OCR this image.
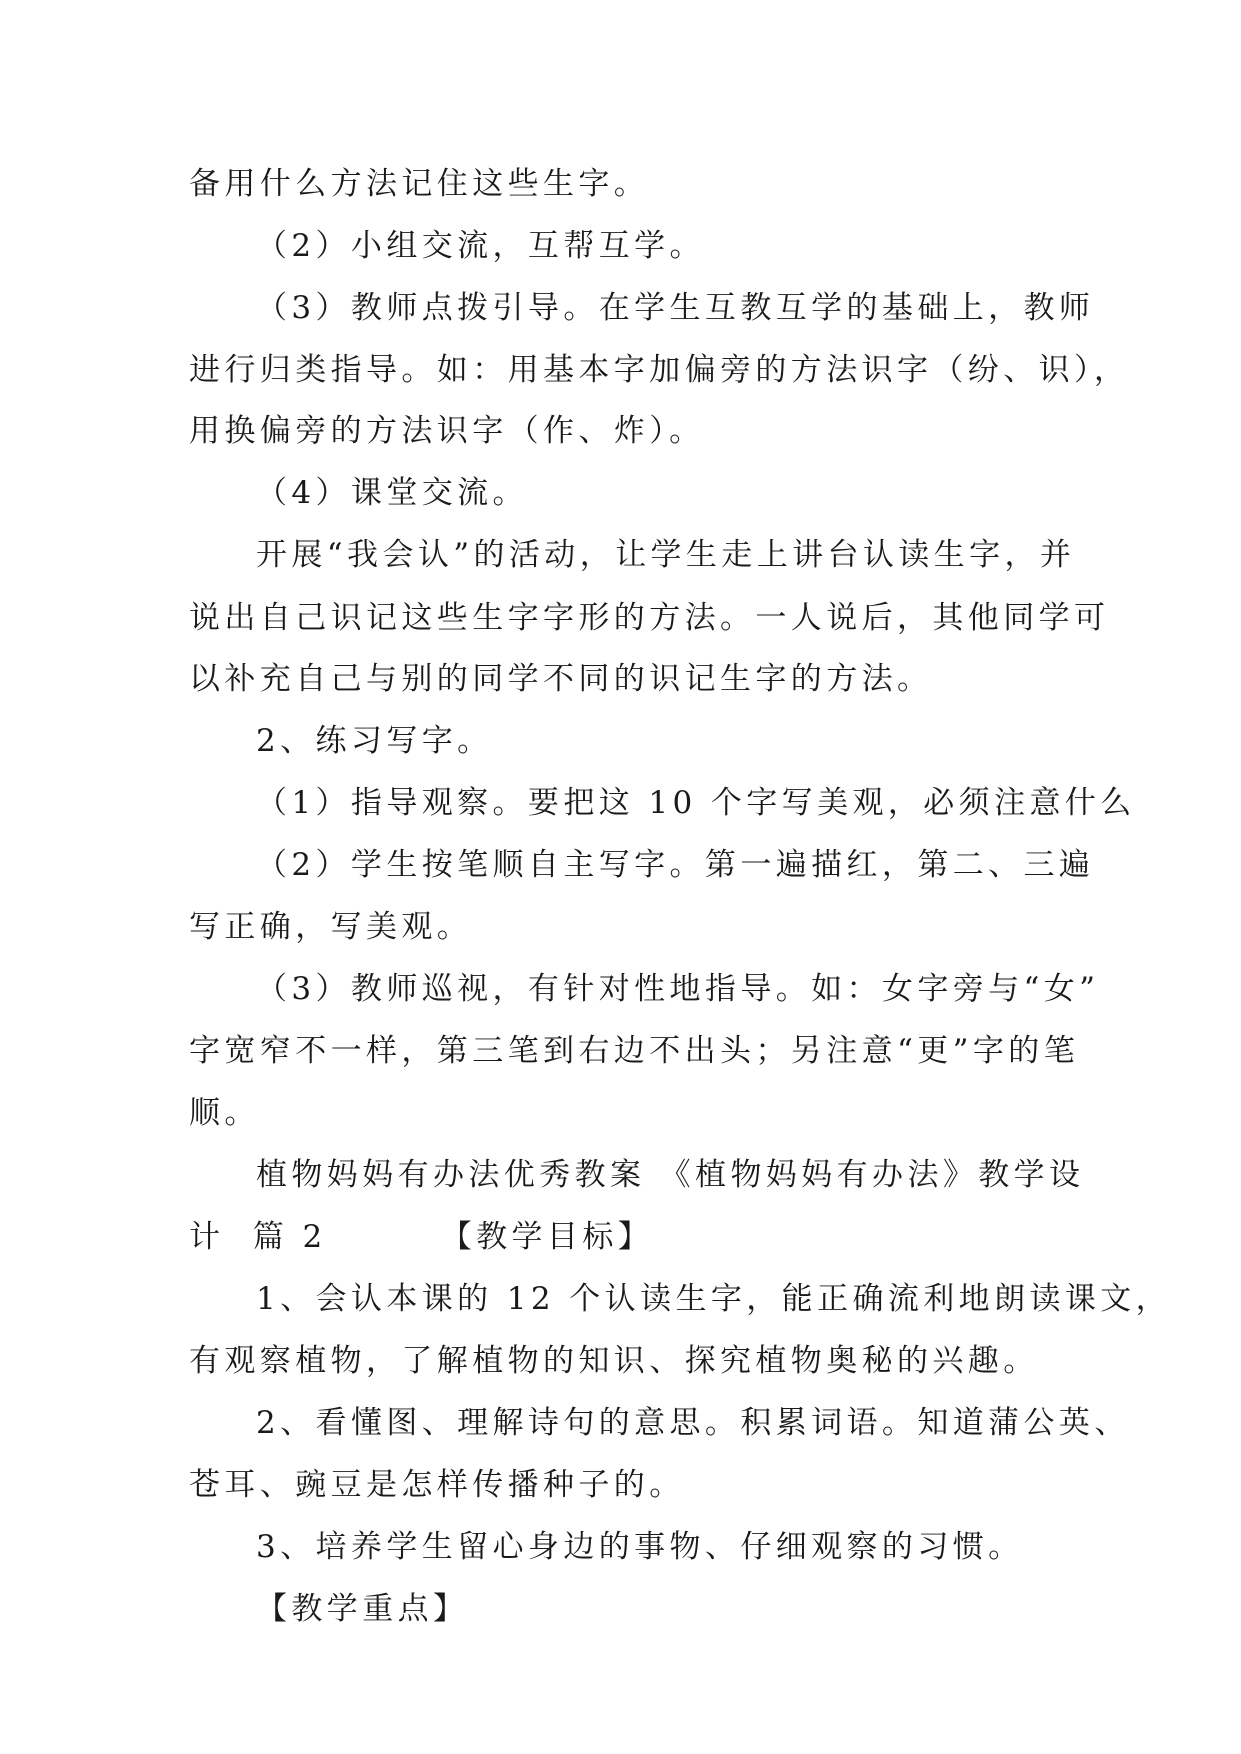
备用什么方法记住这些生字。
（2）小组交流，互帮互学。
（3）教师点拨引导。在学生互教互学的基础上，教师
进行归类指导。如：用基本字加偏旁的方法识字（纷、识），
用换偏旁的方法识字（作、炸）。
（4）课堂交流。
开展“我会认”的活动，让学生走上讲台认读生字，并
说出自己识记这些生字字形的方法。一人说后，其他同学可
以补充自己与别的同学不同的识记生字的方法。
2、练习写字。
（1）指导观察。要把这 10 个字写美观，必须注意什么
（2）学生按笔顺自主写字。第一遍描红，第二、三遍
写正确，写美观。
（3）教师巡视，有针对性地指导。如：女字旁与“女”
字宽窄不一样，第三笔到右边不出头；另注意“更”字的笔
顺。
植物妈妈有办法优秀教案 《植物妈妈有办法》教学设
计  篇 2        【教学目标】
1、会认本课的 12 个认读生字，能正确流利地朗读课文，
有观察植物，了解植物的知识、探究植物奥秘的兴趣。
2、看懂图、理解诗句的意思。积累词语。知道蒲公英、
苍耳、豌豆是怎样传播种子的。
3、培养学生留心身边的事物、仔细观察的习惯。
【教学重点】
